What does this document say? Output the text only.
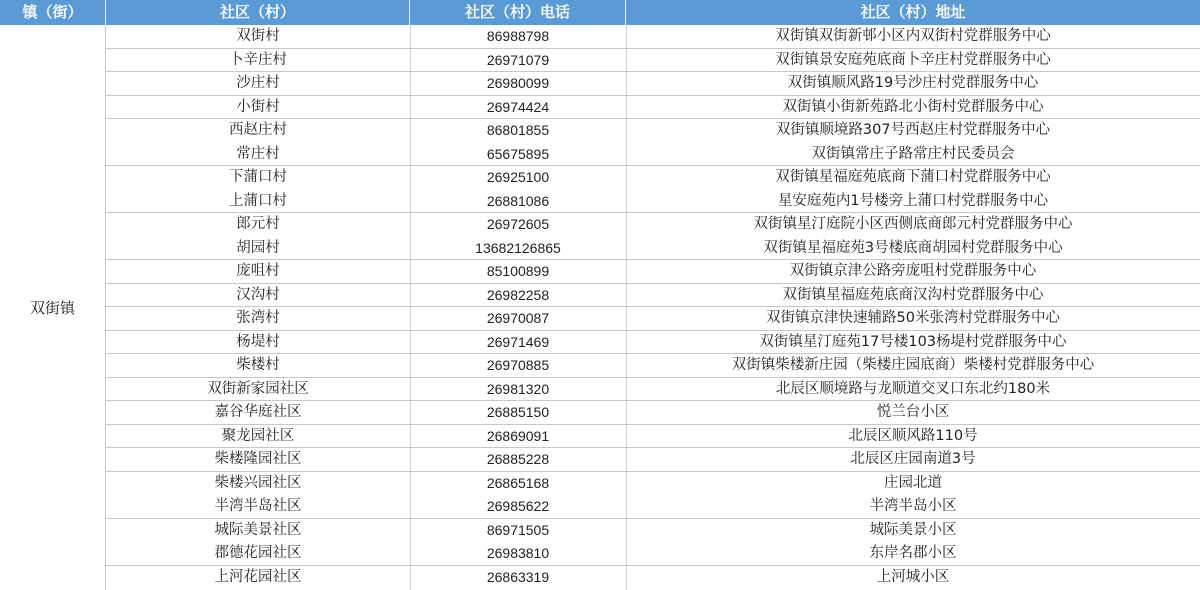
镇（街）	社区（村）	社区（村）电话	社区（村）地址
双街镇
双街村	86988798	双街镇双街新邨小区内双街村党群服务中心
卜辛庄村	26971079	双街镇景安庭苑底商卜辛庄村党群服务中心
沙庄村	26980099	双街镇顺风路19号沙庄村党群服务中心
小街村	26974424	双街镇小街新苑路北小街村党群服务中心
西赵庄村	86801855	双街镇顺境路307号西赵庄村党群服务中心
常庄村	65675895	双街镇常庄子路常庄村民委员会
下蒲口村	26925100	双街镇星福庭苑底商下蒲口村党群服务中心
上蒲口村	26881086	星安庭苑内1号楼旁上蒲口村党群服务中心
郎元村	26972605	双街镇星汀庭院小区西侧底商郎元村党群服务中心
胡园村	13682126865	双街镇星福庭苑3号楼底商胡园村党群服务中心
庞咀村	85100899	双街镇京津公路旁庞咀村党群服务中心
汉沟村	26982258	双街镇星福庭苑底商汉沟村党群服务中心
张湾村	26970087	双街镇京津快速辅路50米张湾村党群服务中心
杨堤村	26971469	双街镇星汀庭苑17号楼103杨堤村党群服务中心
柴楼村	26970885	双街镇柴楼新庄园（柴楼庄园底商）柴楼村党群服务中心
双街新家园社区	26981320	北辰区顺境路与龙顺道交叉口东北约180米
嘉谷华庭社区	26885150	悦兰台小区
聚龙园社区	26869091	北辰区顺风路110号
柴楼隆园社区	26885228	北辰区庄园南道3号
柴楼兴园社区	26865168	庄园北道
半湾半岛社区	26985622	半湾半岛小区
城际美景社区	86971505	城际美景小区
郡德花园社区	26983810	东岸名郡小区
上河花园社区	26863319	上河城小区
